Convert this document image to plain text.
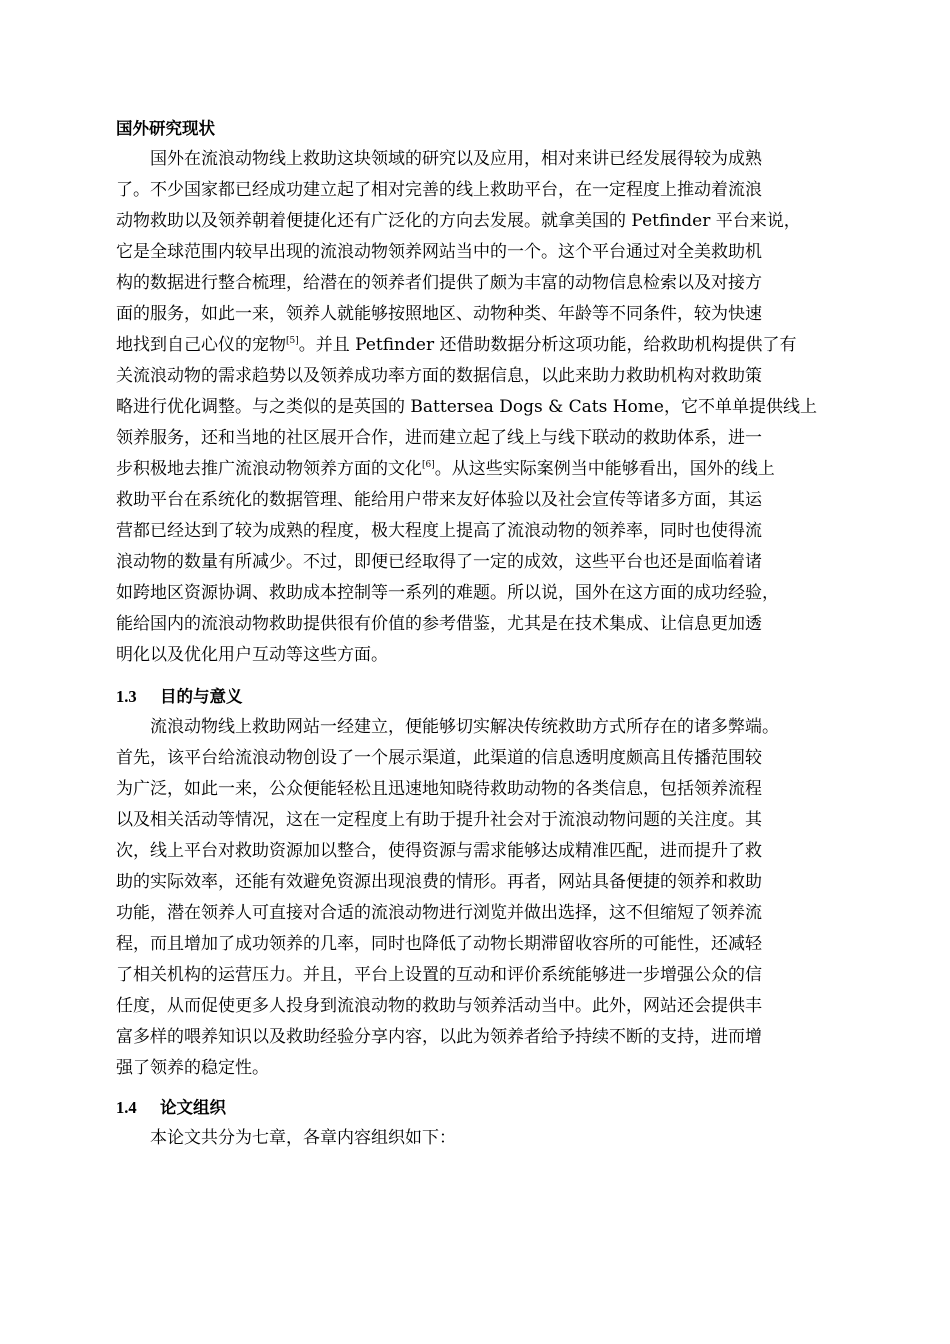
国外研究现状

国外在流浪动物线上救助这块领域的研究以及应用，相对来讲已经发展得较为成熟
了。不少国家都已经成功建立起了相对完善的线上救助平台，在一定程度上推动着流浪
动物救助以及领养朝着便捷化还有广泛化的方向去发展。就拿美国的 Petfinder 平台来说，
它是全球范围内较早出现的流浪动物领养网站当中的一个。这个平台通过对全美救助机
构的数据进行整合梳理，给潜在的领养者们提供了颇为丰富的动物信息检索以及对接方
面的服务，如此一来，领养人就能够按照地区、动物种类、年龄等不同条件，较为快速
地找到自己心仪的宠物[5]。并且 Petfinder 还借助数据分析这项功能，给救助机构提供了有
关流浪动物的需求趋势以及领养成功率方面的数据信息，以此来助力救助机构对救助策
略进行优化调整。与之类似的是英国的 Battersea Dogs & Cats Home，它不单单提供线上
领养服务，还和当地的社区展开合作，进而建立起了线上与线下联动的救助体系，进一
步积极地去推广流浪动物领养方面的文化[6]。从这些实际案例当中能够看出，国外的线上
救助平台在系统化的数据管理、能给用户带来友好体验以及社会宣传等诸多方面，其运
营都已经达到了较为成熟的程度，极大程度上提高了流浪动物的领养率，同时也使得流
浪动物的数量有所减少。不过，即便已经取得了一定的成效，这些平台也还是面临着诸
如跨地区资源协调、救助成本控制等一系列的难题。所以说，国外在这方面的成功经验，
能给国内的流浪动物救助提供很有价值的参考借鉴，尤其是在技术集成、让信息更加透
明化以及优化用户互动等这些方面。

1.3 目的与意义

流浪动物线上救助网站一经建立，便能够切实解决传统救助方式所存在的诸多弊端。
首先，该平台给流浪动物创设了一个展示渠道，此渠道的信息透明度颇高且传播范围较
为广泛，如此一来，公众便能轻松且迅速地知晓待救助动物的各类信息，包括领养流程
以及相关活动等情况，这在一定程度上有助于提升社会对于流浪动物问题的关注度。其
次，线上平台对救助资源加以整合，使得资源与需求能够达成精准匹配，进而提升了救
助的实际效率，还能有效避免资源出现浪费的情形。再者，网站具备便捷的领养和救助
功能，潜在领养人可直接对合适的流浪动物进行浏览并做出选择，这不但缩短了领养流
程，而且增加了成功领养的几率，同时也降低了动物长期滞留收容所的可能性，还减轻
了相关机构的运营压力。并且，平台上设置的互动和评价系统能够进一步增强公众的信
任度，从而促使更多人投身到流浪动物的救助与领养活动当中。此外，网站还会提供丰
富多样的喂养知识以及救助经验分享内容，以此为领养者给予持续不断的支持，进而增
强了领养的稳定性。

1.4 论文组织

本论文共分为七章，各章内容组织如下：
